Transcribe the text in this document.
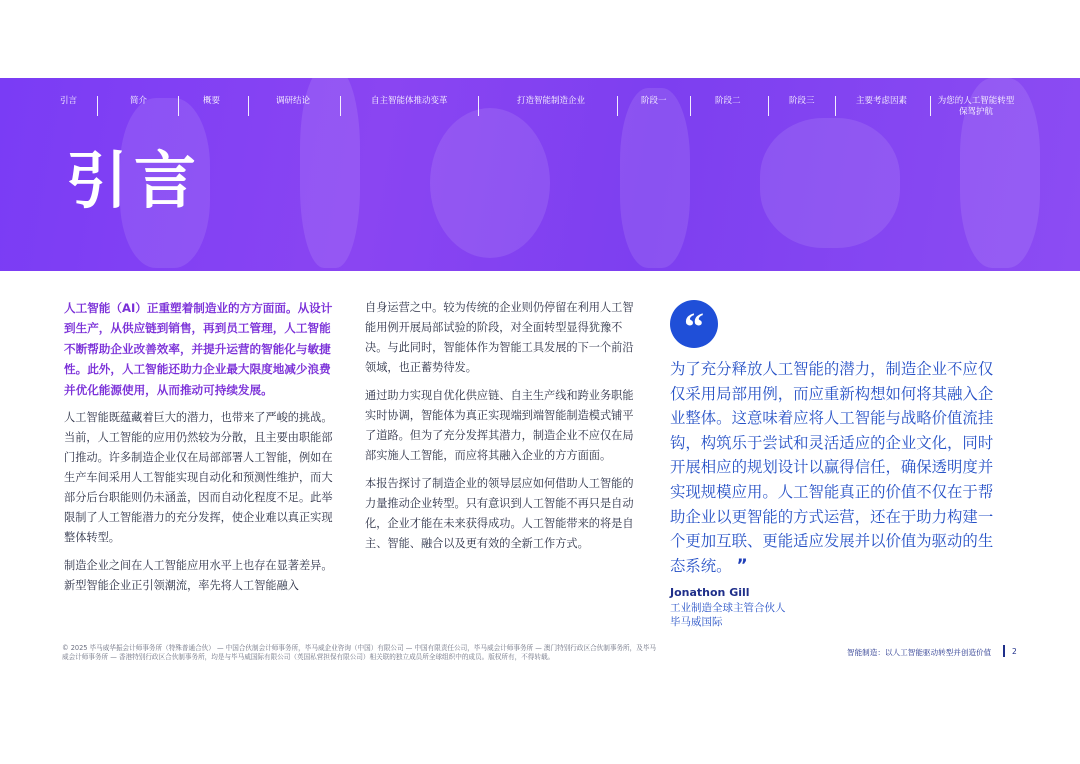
引言	简介	概要	调研结论	自主智能体推动变革	打造智能制造企业	阶段一	阶段二	阶段三	主要考虑因素	为您的人工智能转型保驾护航
引言

人工智能（AI）正重塑着制造业的方方面面。从设计到生产，从供应链到销售，再到员工管理，人工智能不断帮助企业改善效率，并提升运营的智能化与敏捷性。此外，人工智能还助力企业最大限度地减少浪费并优化能源使用，从而推动可持续发展。

人工智能既蕴藏着巨大的潜力，也带来了严峻的挑战。当前，人工智能的应用仍然较为分散，且主要由职能部门推动。许多制造企业仅在局部部署人工智能，例如在生产车间采用人工智能实现自动化和预测性维护，而大部分后台职能则仍未涵盖，因而自动化程度不足。此举限制了人工智能潜力的充分发挥，使企业难以真正实现整体转型。

制造企业之间在人工智能应用水平上也存在显著差异。新型智能企业正引领潮流，率先将人工智能融入

自身运营之中。较为传统的企业则仍停留在利用人工智能用例开展局部试验的阶段，对全面转型显得犹豫不决。与此同时，智能体作为智能工具发展的下一个前沿领域，也正蓄势待发。

通过助力实现自优化供应链、自主生产线和跨业务职能实时协调，智能体为真正实现端到端智能制造模式铺平了道路。但为了充分发挥其潜力，制造企业不应仅在局部实施人工智能，而应将其融入企业的方方面面。

本报告探讨了制造企业的领导层应如何借助人工智能的力量推动企业转型。只有意识到人工智能不再只是自动化，企业才能在未来获得成功。人工智能带来的将是自主、智能、融合以及更有效的全新工作方式。

“
为了充分释放人工智能的潜力，制造企业不应仅仅采用局部用例，而应重新构想如何将其融入企业整体。这意味着应将人工智能与战略价值流挂钩，构筑乐于尝试和灵活适应的企业文化，同时开展相应的规划设计以赢得信任，确保透明度并实现规模应用。人工智能真正的价值不仅在于帮助企业以更智能的方式运营，还在于助力构建一个更加互联、更能适应发展并以价值为驱动的生态系统。 ”
Jonathon Gill
工业制造全球主管合伙人
毕马威国际
© 2025 毕马威华振会计师事务所（特殊普通合伙） — 中国合伙制会计师事务所，毕马威企业咨询（中国）有限公司 — 中国有限责任公司，毕马威会计师事务所 — 澳门特别行政区合伙制事务所，及毕马威会计师事务所 — 香港特别行政区合伙制事务所，均是与毕马威国际有限公司（英国私营担保有限公司）相关联的独立成员所全球组织中的成员。版权所有，不得转载。
智能制造：以人工智能驱动转型并创造价值	2
